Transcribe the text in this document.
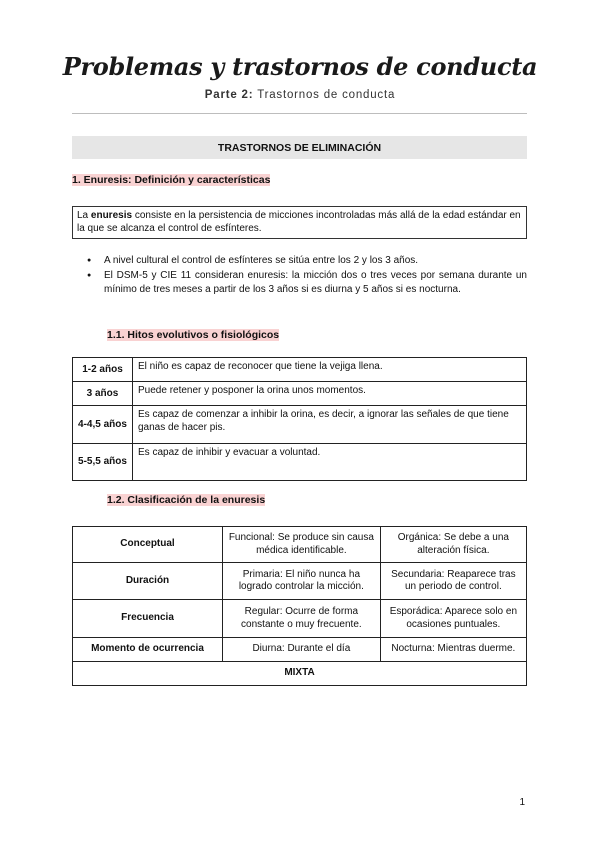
Problemas y trastornos de conducta
Parte 2: Trastornos de conducta
TRASTORNOS DE ELIMINACIÓN
1. Enuresis: Definición y características
La enuresis consiste en la persistencia de micciones incontroladas más allá de la edad estándar en la que se alcanza el control de esfínteres.
● A nivel cultural el control de esfínteres se sitúa entre los 2 y los 3 años.
● El DSM-5 y CIE 11 consideran enuresis: la micción dos o tres veces por semana durante un mínimo de tres meses a partir de los 3 años si es diurna y 5 años si es nocturna.
1.1. Hitos evolutivos o fisiológicos
1-2 años	El niño es capaz de reconocer que tiene la vejiga llena.
3 años	Puede retener y posponer la orina unos momentos.
4-4,5 años	Es capaz de comenzar a inhibir la orina, es decir, a ignorar las señales de que tiene ganas de hacer pis.
5-5,5 años	Es capaz de inhibir y evacuar a voluntad.
1.2. Clasificación de la enuresis
Conceptual	Funcional: Se produce sin causa médica identificable.	Orgánica: Se debe a una alteración física.
Duración	Primaria: El niño nunca ha logrado controlar la micción.	Secundaria: Reaparece tras un periodo de control.
Frecuencia	Regular: Ocurre de forma constante o muy frecuente.	Esporádica: Aparece solo en ocasiones puntuales.
Momento de ocurrencia	Diurna: Durante el día	Nocturna: Mientras duerme.
MIXTA		
1
